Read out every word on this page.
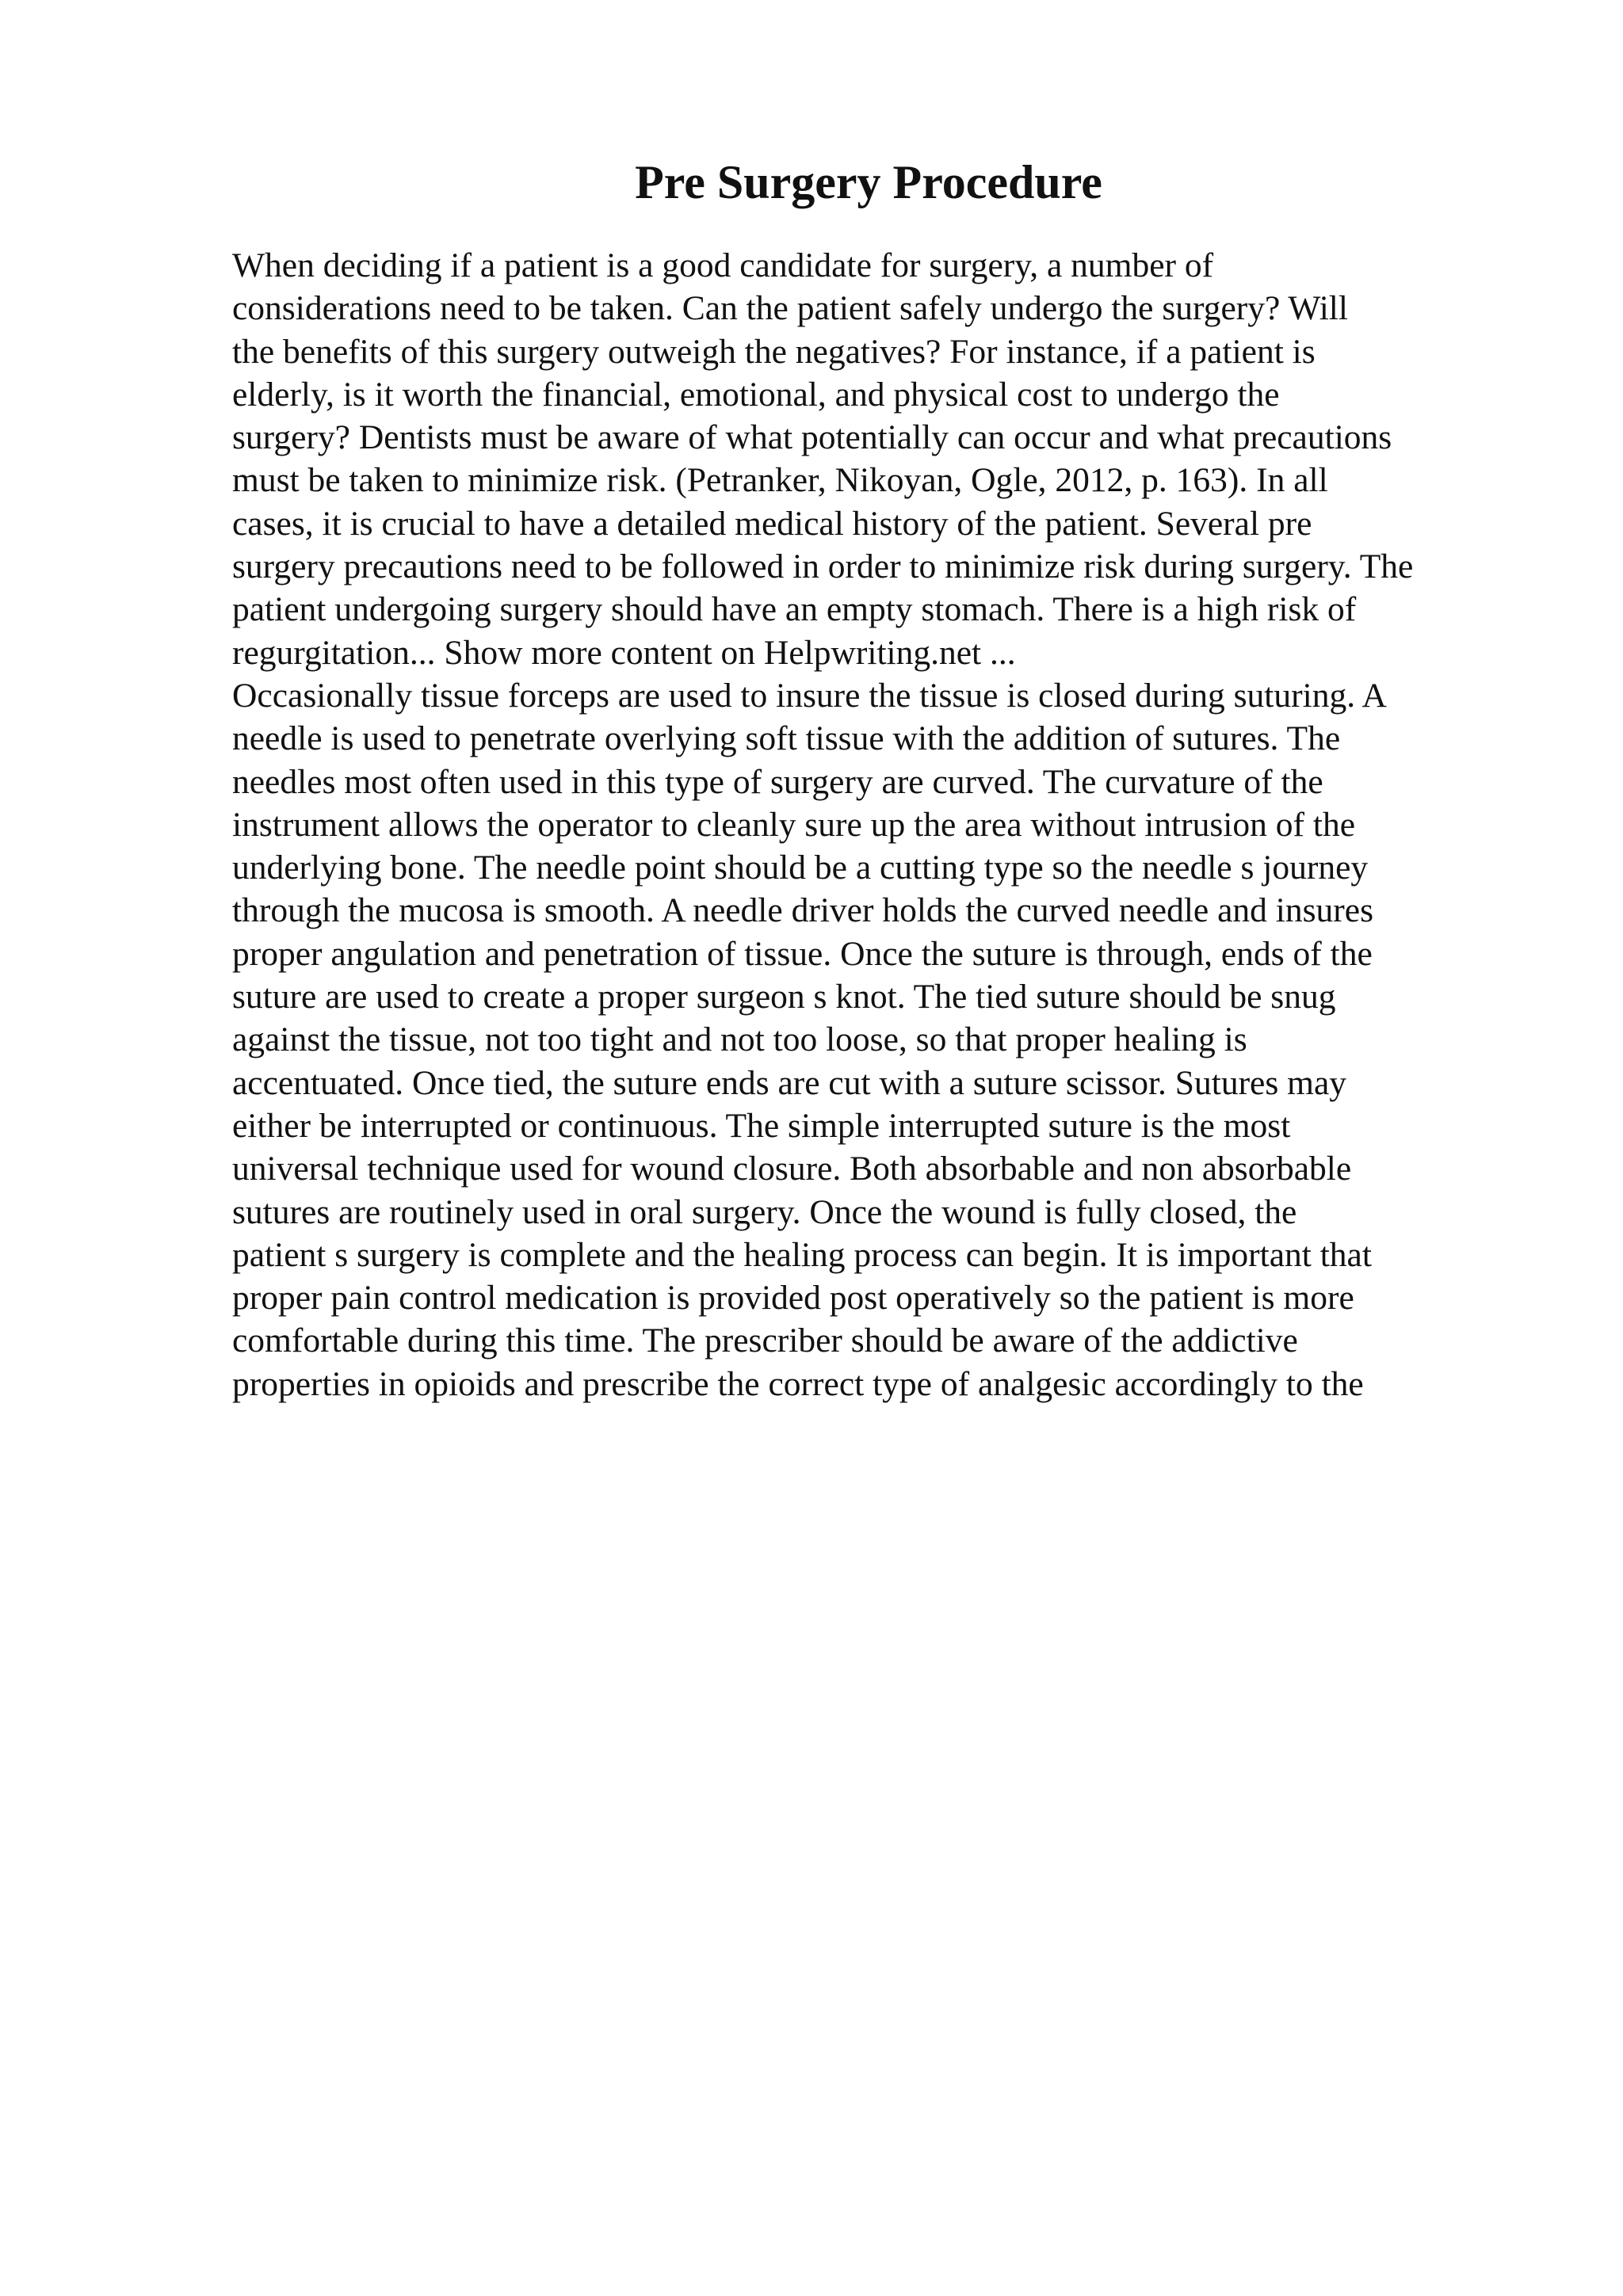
Pre Surgery Procedure
When deciding if a patient is a good candidate for surgery, a number of
considerations need to be taken. Can the patient safely undergo the surgery? Will
the benefits of this surgery outweigh the negatives? For instance, if a patient is
elderly, is it worth the financial, emotional, and physical cost to undergo the
surgery? Dentists must be aware of what potentially can occur and what precautions
must be taken to minimize risk. (Petranker, Nikoyan, Ogle, 2012, p. 163). In all
cases, it is crucial to have a detailed medical history of the patient. Several pre
surgery precautions need to be followed in order to minimize risk during surgery. The
patient undergoing surgery should have an empty stomach. There is a high risk of
regurgitation... Show more content on Helpwriting.net ...
Occasionally tissue forceps are used to insure the tissue is closed during suturing. A
needle is used to penetrate overlying soft tissue with the addition of sutures. The
needles most often used in this type of surgery are curved. The curvature of the
instrument allows the operator to cleanly sure up the area without intrusion of the
underlying bone. The needle point should be a cutting type so the needle s journey
through the mucosa is smooth. A needle driver holds the curved needle and insures
proper angulation and penetration of tissue. Once the suture is through, ends of the
suture are used to create a proper surgeon s knot. The tied suture should be snug
against the tissue, not too tight and not too loose, so that proper healing is
accentuated. Once tied, the suture ends are cut with a suture scissor. Sutures may
either be interrupted or continuous. The simple interrupted suture is the most
universal technique used for wound closure. Both absorbable and non absorbable
sutures are routinely used in oral surgery. Once the wound is fully closed, the
patient s surgery is complete and the healing process can begin. It is important that
proper pain control medication is provided post operatively so the patient is more
comfortable during this time. The prescriber should be aware of the addictive
properties in opioids and prescribe the correct type of analgesic accordingly to the
